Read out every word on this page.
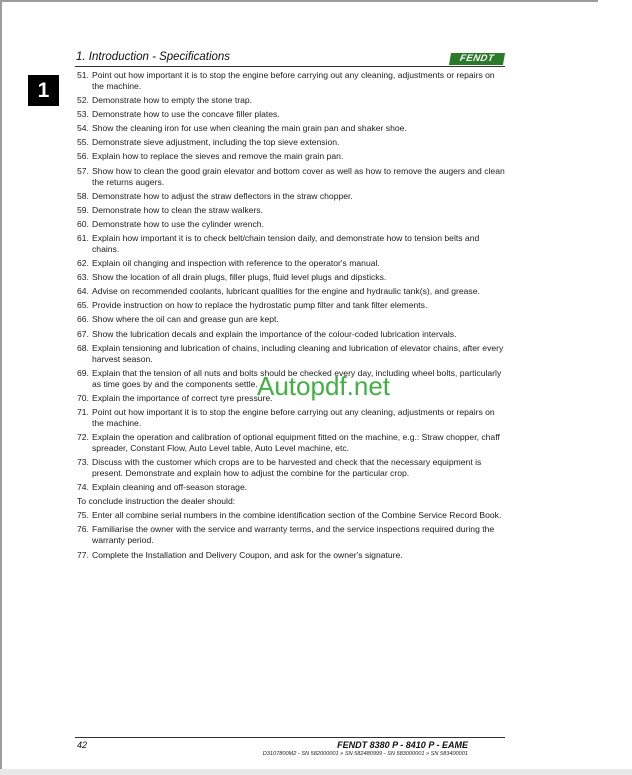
1. Introduction - Specifications	FENDT
1
51. Point out how important it is to stop the engine before carrying out any cleaning, adjustments or repairs on the machine.
52. Demonstrate how to empty the stone trap.
53. Demonstrate how to use the concave filler plates.
54. Show the cleaning iron for use when cleaning the main grain pan and shaker shoe.
55. Demonstrate sieve adjustment, including the top sieve extension.
56. Explain how to replace the sieves and remove the main grain pan.
57. Show how to clean the good grain elevator and bottom cover as well as how to remove the augers and clean the returns augers.
58. Demonstrate how to adjust the straw deflectors in the straw chopper.
59. Demonstrate how to clean the straw walkers.
60. Demonstrate how to use the cylinder wrench.
61. Explain how important it is to check belt/chain tension daily, and demonstrate how to tension belts and chains.
62. Explain oil changing and inspection with reference to the operator's manual.
63. Show the location of all drain plugs, filler plugs, fluid level plugs and dipsticks.
64. Advise on recommended coolants, lubricant qualities for the engine and hydraulic tank(s), and grease.
65. Provide instruction on how to replace the hydrostatic pump filter and tank filter elements.
66. Show where the oil can and grease gun are kept.
67. Show the lubrication decals and explain the importance of the colour-coded lubrication intervals.
68. Explain tensioning and lubrication of chains, including cleaning and lubrication of elevator chains, after every harvest season.
69. Explain that the tension of all nuts and bolts should be checked every day, including wheel bolts, particularly as time goes by and the components settle.
70. Explain the importance of correct tyre pressure.
71. Point out how important it is to stop the engine before carrying out any cleaning, adjustments or repairs on the machine.
72. Explain the operation and calibration of optional equipment fitted on the machine, e.g.: Straw chopper, chaff spreader, Constant Flow, Auto Level table, Auto Level machine, etc.
73. Discuss with the customer which crops are to be harvested and check that the necessary equipment is present. Demonstrate and explain how to adjust the combine for the particular crop.
74. Explain cleaning and off-season storage.
To conclude instruction the dealer should:
75. Enter all combine serial numbers in the combine identification section of the Combine Service Record Book.
76. Familiarise the owner with the service and warranty terms, and the service inspections required during the warranty period.
77. Complete the Installation and Delivery Coupon, and ask for the owner's signature.
Autopdf.net
42	FENDT 8380 P - 8410 P - EAME
D3107800M2 - SN 582000001 » SN 582480999 - SN 583000001 » SN 583400001
